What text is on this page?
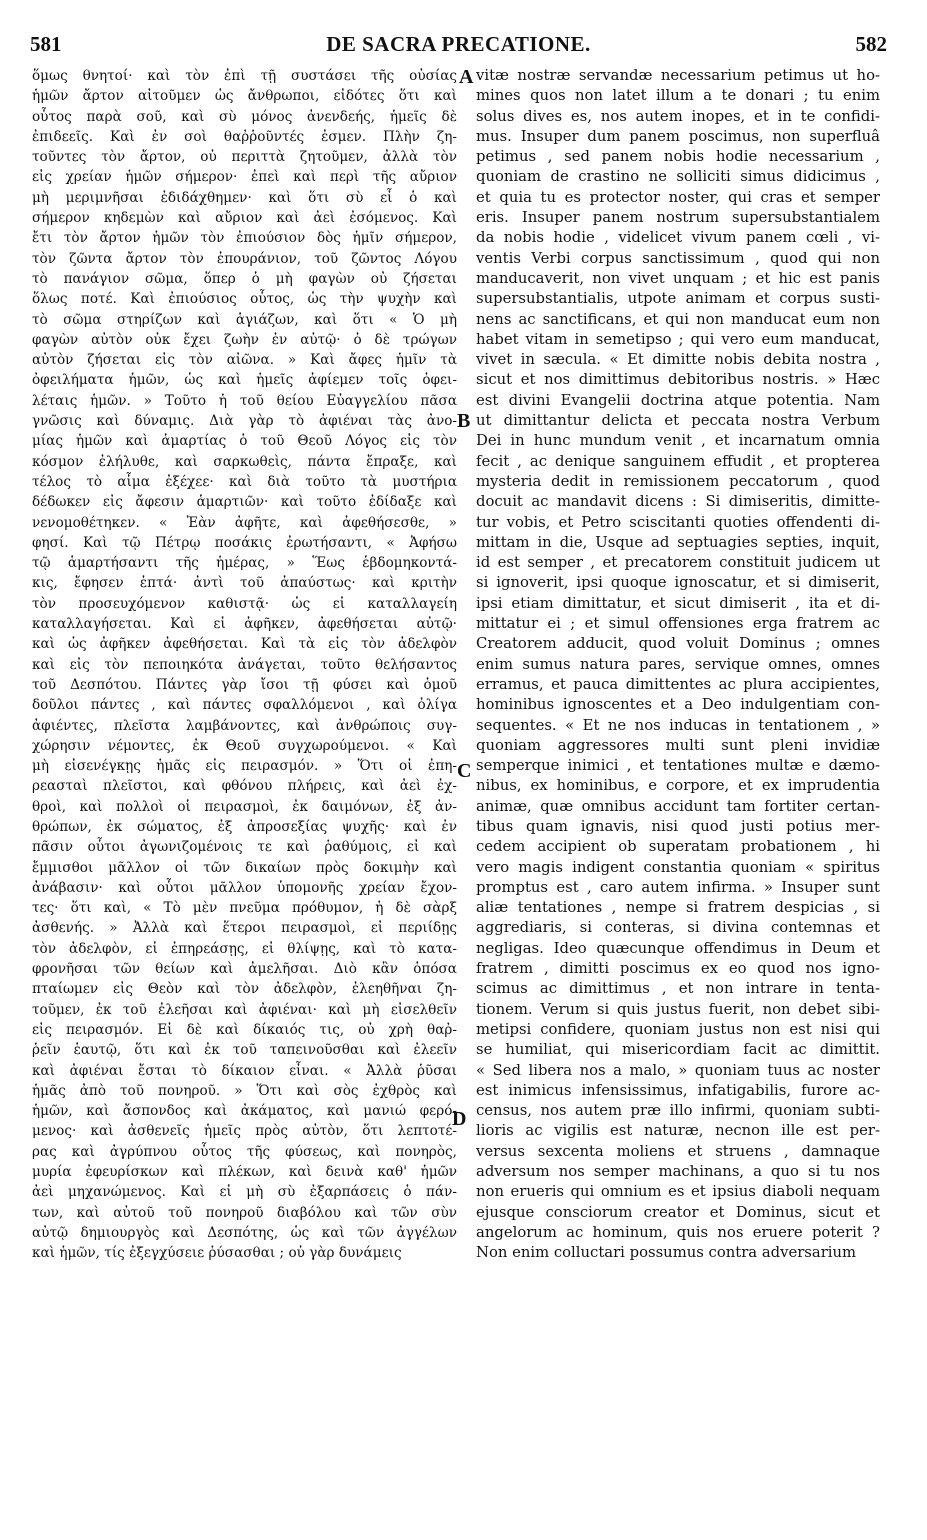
581	DE SACRA PRECATIONE.	582
ὅμως θνητοί· καὶ τὸν ἐπὶ τῇ συστάσει τῆς οὐσίας
ἡμῶν ἄρτον αἰτοῦμεν ὡς ἄνθρωποι, εἰδότες ὅτι καὶ
οὗτος παρὰ σοῦ, καὶ σὺ μόνος ἀνενδεής, ἡμεῖς δὲ
ἐπιδεεῖς. Καὶ ἐν σοὶ θαῤῥοῦντές ἐσμεν. Πλὴν ζη-
τοῦντες τὸν ἄρτον, οὐ περιττὰ ζητοῦμεν, ἀλλὰ τὸν
εἰς χρείαν ἡμῶν σήμερον· ἐπεὶ καὶ περὶ τῆς αὔριον
μὴ μεριμνῆσαι ἐδιδάχθημεν· καὶ ὅτι σὺ εἶ ὁ καὶ
σήμερον κηδεμὼν καὶ αὔριον καὶ ἀεὶ ἐσόμενος. Καὶ
ἔτι τὸν ἄρτον ἡμῶν τὸν ἐπιούσιον δὸς ἡμῖν σήμερον,
τὸν ζῶντα ἄρτον τὸν ἐπουράνιον, τοῦ ζῶντος Λόγου
τὸ πανάγιον σῶμα, ὅπερ ὁ μὴ φαγὼν οὐ ζήσεται
ὅλως ποτέ. Καὶ ἐπιούσιος οὗτος, ὡς τὴν ψυχὴν καὶ
τὸ σῶμα στηρίζων καὶ ἁγιάζων, καὶ ὅτι « Ὁ μὴ
φαγὼν αὐτὸν οὐκ ἔχει ζωὴν ἐν αὐτῷ· ὁ δὲ τρώγων
αὐτὸν ζήσεται εἰς τὸν αἰῶνα. » Καὶ ἄφες ἡμῖν τὰ
ὀφειλήματα ἡμῶν, ὡς καὶ ἡμεῖς ἀφίεμεν τοῖς ὀφει-
λέταις ἡμῶν. » Τοῦτο ἡ τοῦ θείου Εὐαγγελίου πᾶσα
γνῶσις καὶ δύναμις. Διὰ γὰρ τὸ ἀφιέναι τὰς ἀνο-
μίας ἡμῶν καὶ ἁμαρτίας ὁ τοῦ Θεοῦ Λόγος εἰς τὸν
κόσμον ἐλήλυθε, καὶ σαρκωθεὶς, πάντα ἔπραξε, καὶ
τέλος τὸ αἷμα ἐξέχεε· καὶ διὰ τοῦτο τὰ μυστήρια
δέδωκεν εἰς ἄφεσιν ἁμαρτιῶν· καὶ τοῦτο ἐδίδαξε καὶ
νενομοθέτηκεν. « Ἐὰν ἀφῆτε, καὶ ἀφεθήσεσθε, »
φησί. Καὶ τῷ Πέτρῳ ποσάκις ἐρωτήσαντι, « Ἀφήσω
τῷ ἁμαρτήσαντι τῆς ἡμέρας, » Ἕως ἑβδομηκοντά-
κις, ἔφησεν ἑπτά· ἀντὶ τοῦ ἀπαύστως· καὶ κριτὴν
τὸν προσευχόμενον καθιστᾷ· ὡς εἰ καταλλαγείη
καταλλαγήσεται. Καὶ εἰ ἀφῆκεν, ἀφεθήσεται αὐτῷ·
καὶ ὡς ἀφῆκεν ἀφεθήσεται. Καὶ τὰ εἰς τὸν ἀδελφὸν
καὶ εἰς τὸν πεποιηκότα ἀνάγεται, τοῦτο θελήσαντος
τοῦ Δεσπότου. Πάντες γὰρ ἴσοι τῇ φύσει καὶ ὁμοῦ
δοῦλοι πάντες , καὶ πάντες σφαλλόμενοι , καὶ ὀλίγα
ἀφιέντες, πλεῖστα λαμβάνοντες, καὶ ἀνθρώποις συγ-
χώρησιν νέμοντες, ἐκ Θεοῦ συγχωρούμενοι. « Καὶ
μὴ εἰσενέγκῃς ἡμᾶς εἰς πειρασμόν. » Ὅτι οἱ ἐπη-
ρεασταὶ πλεῖστοι, καὶ φθόνου πλήρεις, καὶ ἀεὶ ἐχ-
θροὶ, καὶ πολλοὶ οἱ πειρασμοὶ, ἐκ δαιμόνων, ἐξ ἀν-
θρώπων, ἐκ σώματος, ἐξ ἀπροσεξίας ψυχῆς· καὶ ἐν
πᾶσιν οὗτοι ἀγωνιζομένοις τε καὶ ῥαθύμοις, εἰ καὶ
ἔμμισθοι μᾶλλον οἱ τῶν δικαίων πρὸς δοκιμὴν καὶ
ἀνάβασιν· καὶ οὗτοι μᾶλλον ὑπομονῆς χρείαν ἔχον-
τες· ὅτι καὶ, « Τὸ μὲν πνεῦμα πρόθυμον, ἡ δὲ σὰρξ
ἀσθενής. » Ἀλλὰ καὶ ἕτεροι πειρασμοὶ, εἰ περιίδῃς
τὸν ἀδελφὸν, εἰ ἐπηρεάσῃς, εἰ θλίψῃς, καὶ τὸ κατα-
φρονῆσαι τῶν θείων καὶ ἀμελῆσαι. Διὸ κἂν ὁπόσα
πταίωμεν εἰς Θεὸν καὶ τὸν ἀδελφὸν, ἐλεηθῆναι ζη-
τοῦμεν, ἐκ τοῦ ἐλεῆσαι καὶ ἀφιέναι· καὶ μὴ εἰσελθεῖν
εἰς πειρασμόν. Εἰ δὲ καὶ δίκαιός τις, οὐ χρὴ θαῤ-
ῥεῖν ἑαυτῷ, ὅτι καὶ ἐκ τοῦ ταπεινοῦσθαι καὶ ἐλεεῖν
καὶ ἀφιέναι ἔσται τὸ δίκαιον εἶναι. « Ἀλλὰ ῥῦσαι
ἡμᾶς ἀπὸ τοῦ πονηροῦ. » Ὅτι καὶ σὸς ἐχθρὸς καὶ
ἡμῶν, καὶ ἄσπονδος καὶ ἀκάματος, καὶ μανιώ φερό-
μενος· καὶ ἀσθενεῖς ἡμεῖς πρὸς αὐτὸν, ὅτι λεπτοτέ-
ρας καὶ ἀγρύπνου οὗτος τῆς φύσεως, καὶ πονηρὸς,
μυρία ἐφευρίσκων καὶ πλέκων, καὶ δεινὰ καθ' ἡμῶν
ἀεὶ μηχανώμενος. Καὶ εἰ μὴ σὺ ἐξαρπάσεις ὁ πάν-
των, καὶ αὐτοῦ τοῦ πονηροῦ διαβόλου καὶ τῶν σὺν
αὐτῷ δημιουργὸς καὶ Δεσπότης, ὡς καὶ τῶν ἀγγέλων
καὶ ἡμῶν, τίς ἐξεγχύσειε ῥύσασθαι ; οὐ γὰρ δυνάμεις
vitæ nostræ servandæ necessarium petimus ut ho-
mines quos non latet illum a te donari ; tu enim
solus dives es, nos autem inopes, et in te confidi-
mus. Insuper dum panem poscimus, non superfluâ
petimus , sed panem nobis hodie necessarium ,
quoniam de crastino ne solliciti simus didicimus ,
et quia tu es protector noster, qui cras et semper
eris. Insuper panem nostrum supersubstantialem
da nobis hodie , videlicet vivum panem cœli , vi-
ventis Verbi corpus sanctissimum , quod qui non
manducaverit, non vivet unquam ; et hic est panis
supersubstantialis, utpote animam et corpus susti-
nens ac sanctificans, et qui non manducat eum non
habet vitam in semetipso ; qui vero eum manducat,
vivet in sæcula. « Et dimitte nobis debita nostra ,
sicut et nos dimittimus debitoribus nostris. » Hæc
est divini Evangelii doctrina atque potentia. Nam
ut dimittantur delicta et peccata nostra Verbum
Dei in hunc mundum venit , et incarnatum omnia
fecit , ac denique sanguinem effudit , et propterea
mysteria dedit in remissionem peccatorum , quod
docuit ac mandavit dicens : Si dimiseritis, dimitte-
tur vobis, et Petro sciscitanti quoties offendenti di-
mittam in die, Usque ad septuagies septies, inquit,
id est semper , et precatorem constituit judicem ut
si ignoverit, ipsi quoque ignoscatur, et si dimiserit,
ipsi etiam dimittatur, et sicut dimiserit , ita et di-
mittatur ei ; et simul offensiones erga fratrem ac
Creatorem adducit, quod voluit Dominus ; omnes
enim sumus natura pares, servique omnes, omnes
erramus, et pauca dimittentes ac plura accipientes,
hominibus ignoscentes et a Deo indulgentiam con-
sequentes. « Et ne nos inducas in tentationem , »
quoniam aggressores multi sunt pleni invidiæ
semperque inimici , et tentationes multæ e dæmo-
nibus, ex hominibus, e corpore, et ex imprudentia
animæ, quæ omnibus accidunt tam fortiter certan-
tibus quam ignavis, nisi quod justi potius mer-
cedem accipient ob superatam probationem , hi
vero magis indigent constantia quoniam « spiritus
promptus est , caro autem infirma. » Insuper sunt
aliæ tentationes , nempe si fratrem despicias , si
aggrediaris, si conteras, si divina contemnas et
negligas. Ideo quæcunque offendimus in Deum et
fratrem , dimitti poscimus ex eo quod nos igno-
scimus ac dimittimus , et non intrare in tenta-
tionem. Verum si quis justus fuerit, non debet sibi-
metipsi confidere, quoniam justus non est nisi qui
se humiliat, qui misericordiam facit ac dimittit.
« Sed libera nos a malo, » quoniam tuus ac noster
est inimicus infensissimus, infatigabilis, furore ac-
census, nos autem præ illo infirmi, quoniam subti-
lioris ac vigilis est naturæ, necnon ille est per-
versus sexcenta moliens et struens , damnaque
adversum nos semper machinans, a quo si tu nos
non erueris qui omnium es et ipsius diaboli nequam
ejusque consciorum creator et Dominus, sicut et
angelorum ac hominum, quis nos eruere poterit ?
Non enim colluctari possumus contra adversarium
A
B
C
D
